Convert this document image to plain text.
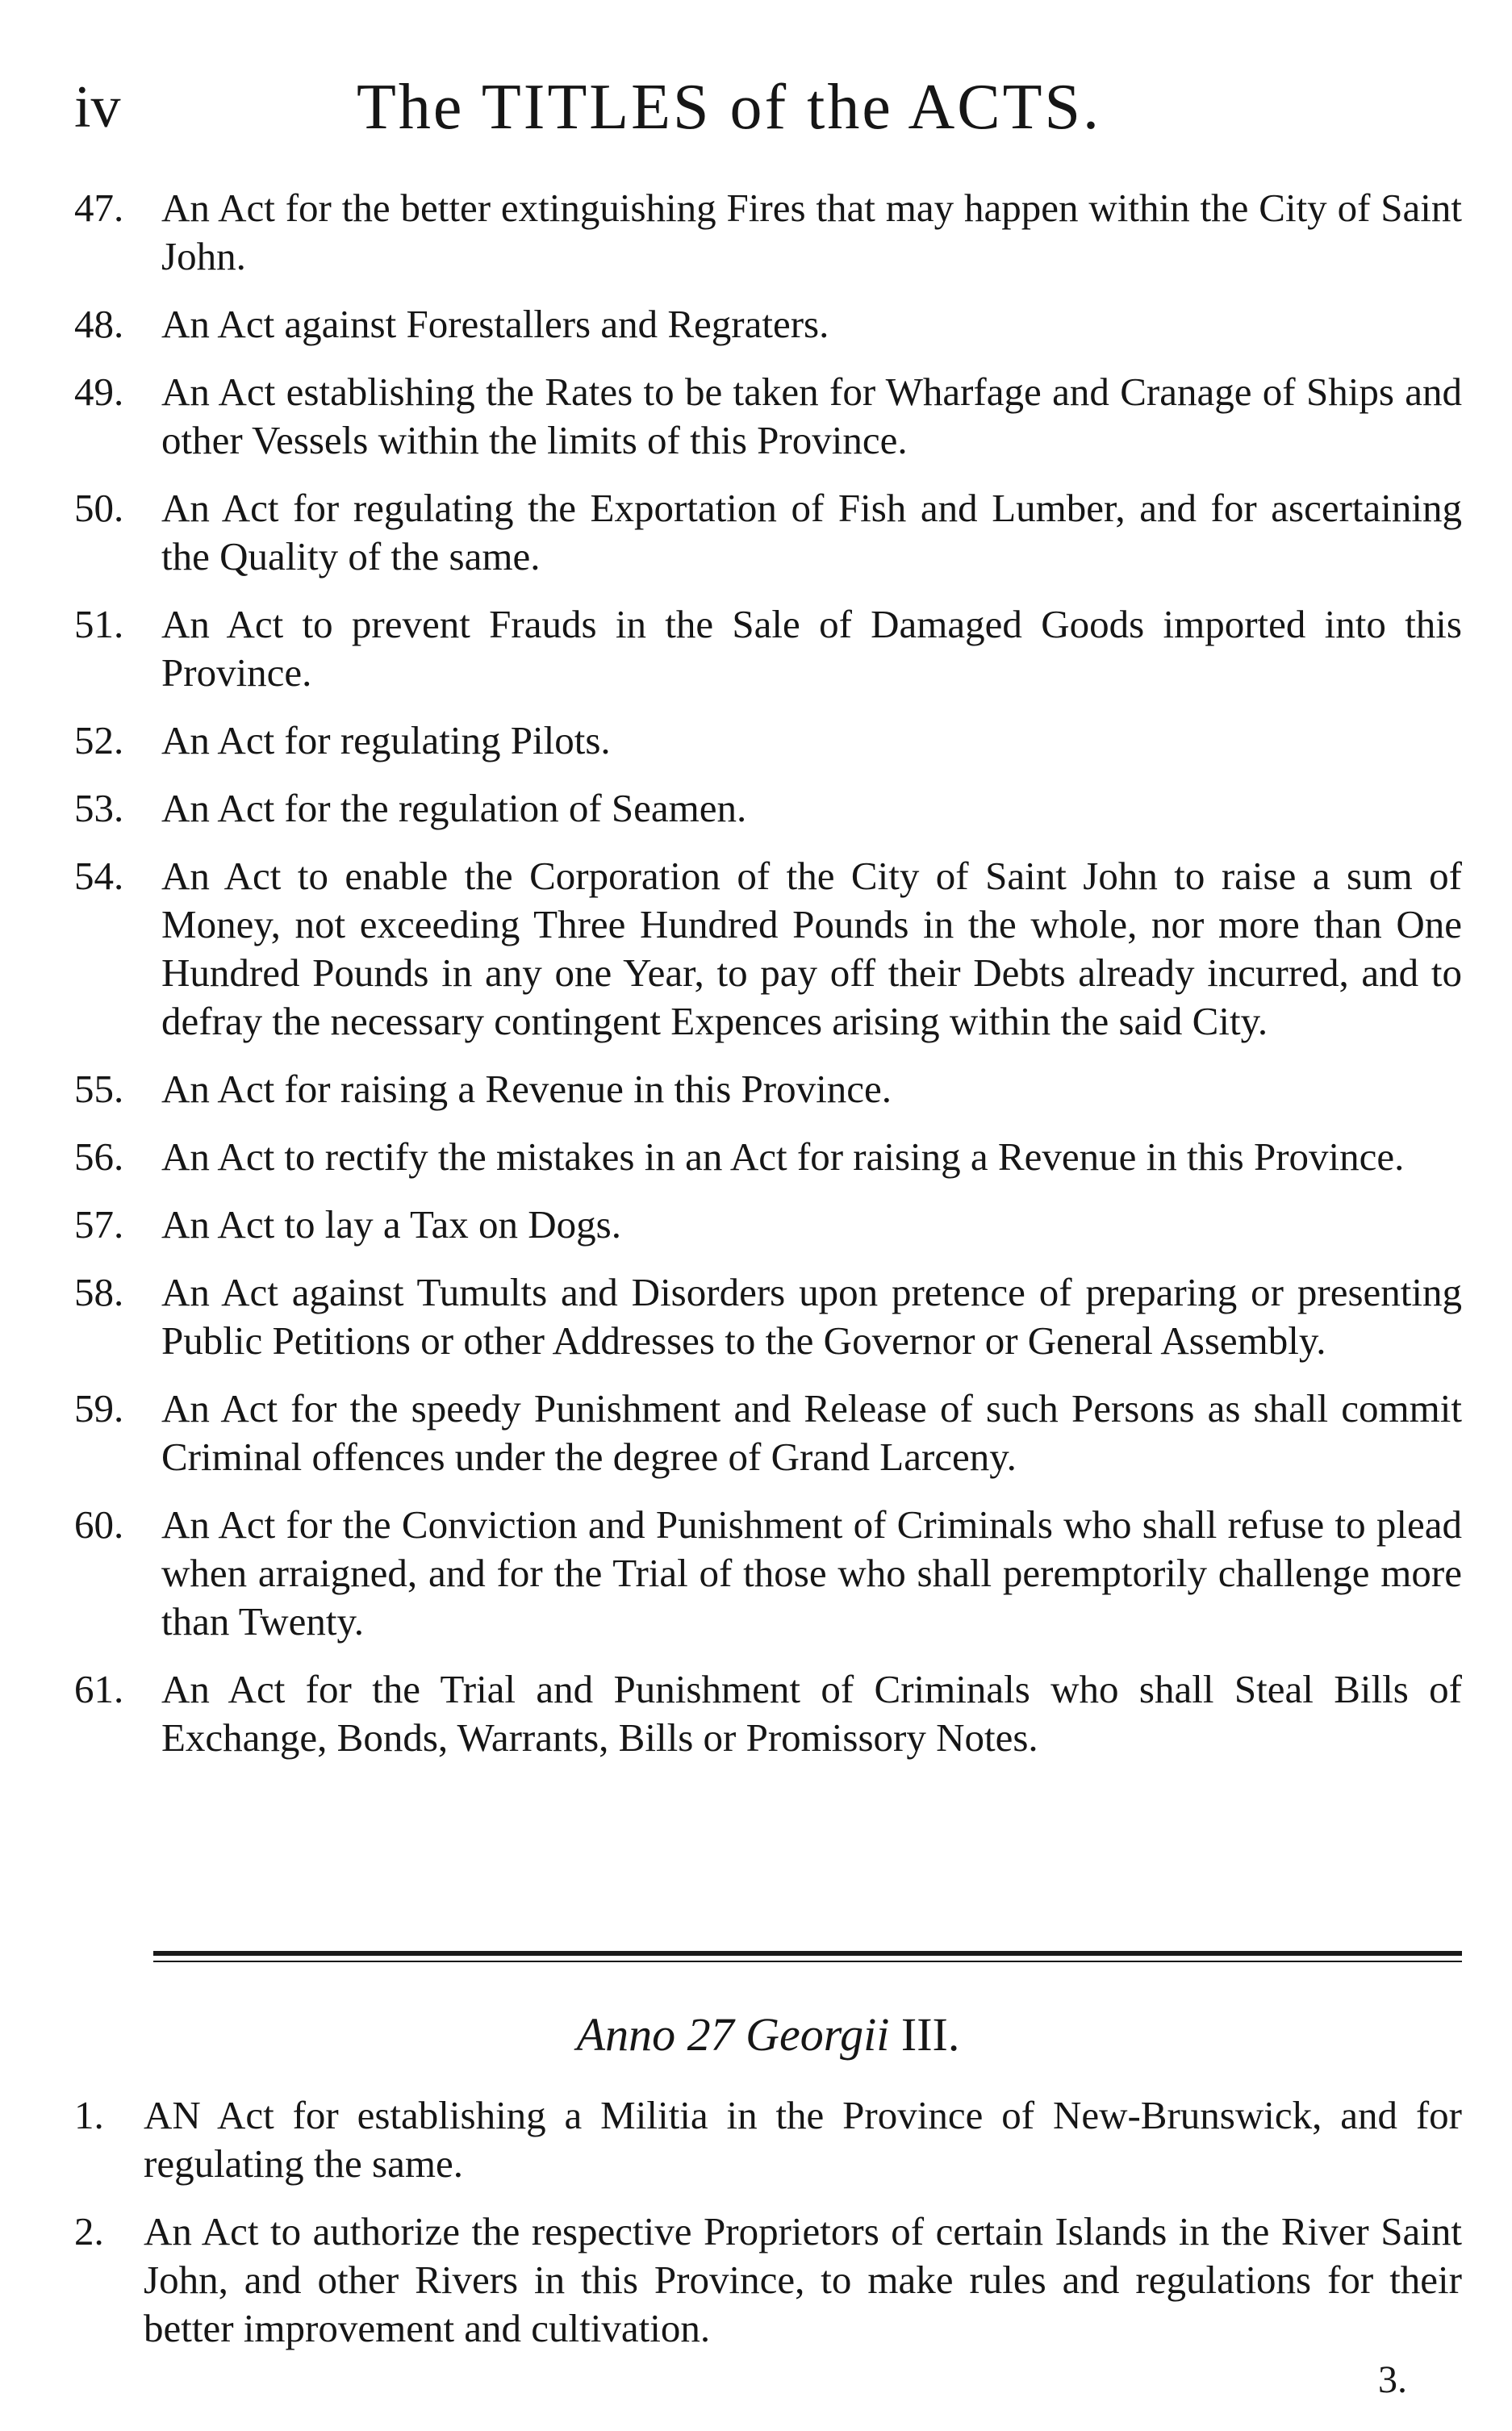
iv	The TITLES of the ACTS.
47. An Act for the better extinguishing Fires that may happen within the City of Saint John.
48. An Act against Forestallers and Regraters.
49. An Act establishing the Rates to be taken for Wharfage and Cranage of Ships and other Vessels within the limits of this Province.
50. An Act for regulating the Exportation of Fish and Lumber, and for ascertaining the Quality of the same.
51. An Act to prevent Frauds in the Sale of Damaged Goods imported into this Province.
52. An Act for regulating Pilots.
53. An Act for the regulation of Seamen.
54. An Act to enable the Corporation of the City of Saint John to raise a sum of Money, not exceeding Three Hundred Pounds in the whole, nor more than One Hundred Pounds in any one Year, to pay off their Debts already incurred, and to defray the necessary contingent Expences arising within the said City.
55. An Act for raising a Revenue in this Province.
56. An Act to rectify the mistakes in an Act for raising a Revenue in this Province.
57. An Act to lay a Tax on Dogs.
58. An Act against Tumults and Disorders upon pretence of preparing or presenting Public Petitions or other Addresses to the Governor or General Assembly.
59. An Act for the speedy Punishment and Release of such Persons as shall commit Criminal offences under the degree of Grand Larceny.
60. An Act for the Conviction and Punishment of Criminals who shall refuse to plead when arraigned, and for the Trial of those who shall peremptorily challenge more than Twenty.
61. An Act for the Trial and Punishment of Criminals who shall Steal Bills of Exchange, Bonds, Warrants, Bills or Promissory Notes.
Anno 27 Georgii III.
1.	AN Act for establishing a Militia in the Province of New-Brunswick, and for regulating the same.
2.	An Act to authorize the respective Proprietors of certain Islands in the River Saint John, and other Rivers in this Province, to make rules and regulations for their better improvement and cultivation.
3.
